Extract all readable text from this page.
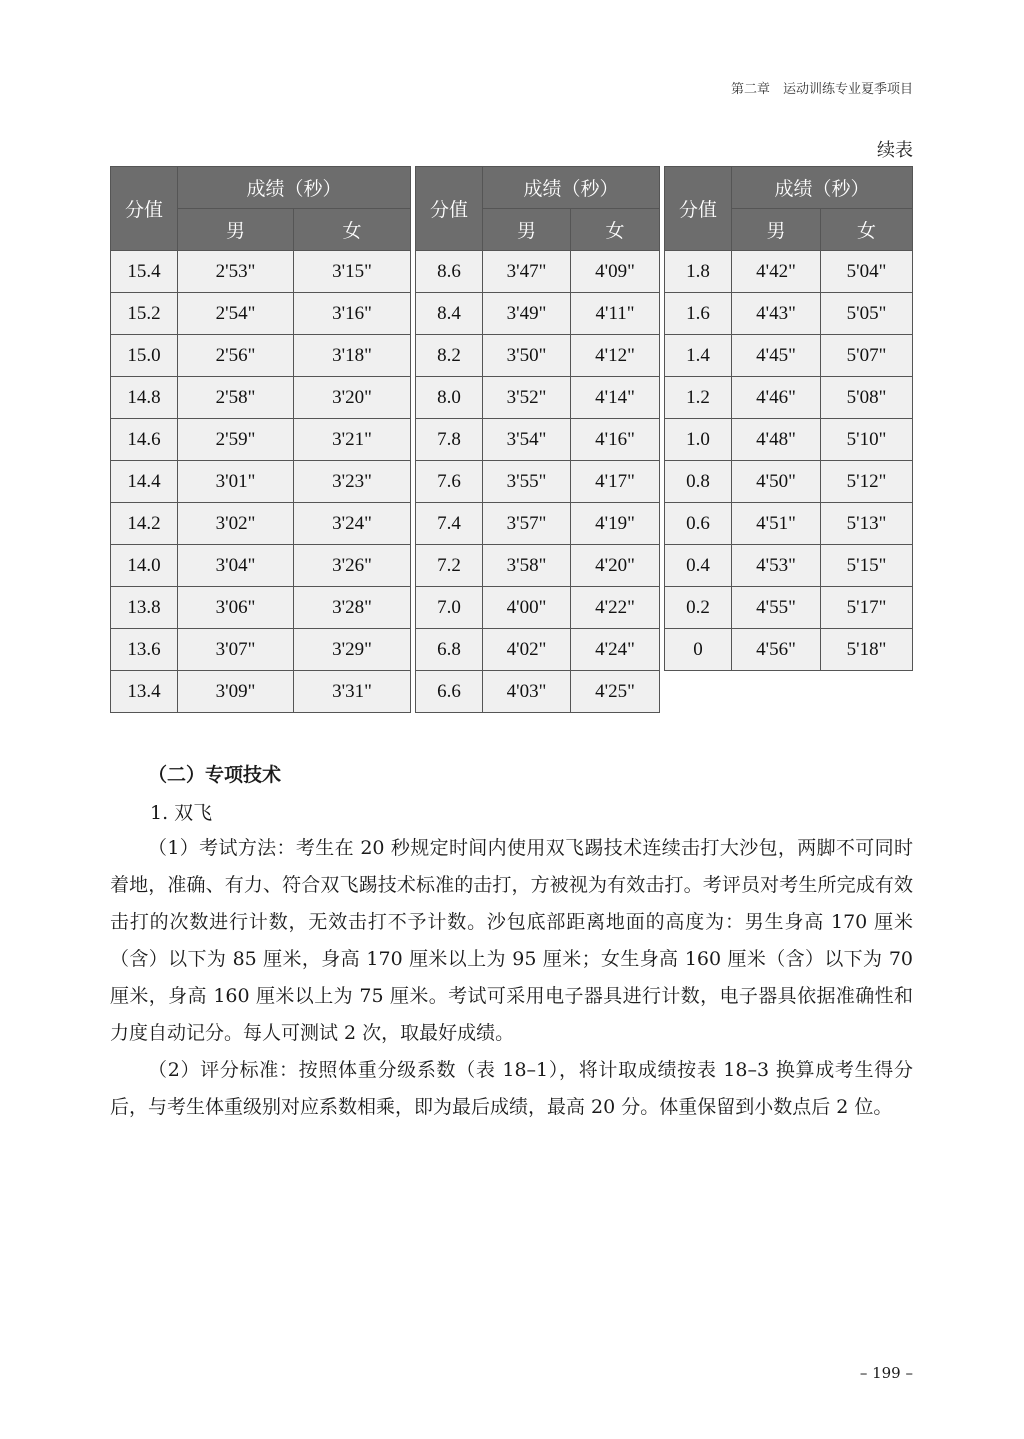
第二章　运动训练专业夏季项目
续表
分值	成绩（秒）	
	男	女
15.4	2'53"	3'15"
15.2	2'54"	3'16"
15.0	2'56"	3'18"
14.8	2'58"	3'20"
14.6	2'59"	3'21"
14.4	3'01"	3'23"
14.2	3'02"	3'24"
14.0	3'04"	3'26"
13.8	3'06"	3'28"
13.6	3'07"	3'29"
13.4	3'09"	3'31"
分值	成绩（秒）	
	男	女
8.6	3'47"	4'09"
8.4	3'49"	4'11"
8.2	3'50"	4'12"
8.0	3'52"	4'14"
7.8	3'54"	4'16"
7.6	3'55"	4'17"
7.4	3'57"	4'19"
7.2	3'58"	4'20"
7.0	4'00"	4'22"
6.8	4'02"	4'24"
6.6	4'03"	4'25"
分值	成绩（秒）	
	男	女
1.8	4'42"	5'04"
1.6	4'43"	5'05"
1.4	4'45"	5'07"
1.2	4'46"	5'08"
1.0	4'48"	5'10"
0.8	4'50"	5'12"
0.6	4'51"	5'13"
0.4	4'53"	5'15"
0.2	4'55"	5'17"
0	4'56"	5'18"
（二）专项技术
1. 双飞

（1）考试方法：考生在 20 秒规定时间内使用双飞踢技术连续击打大沙包，两脚不可同时着地，准确、有力、符合双飞踢技术标准的击打，方被视为有效击打。考评员对考生所完成有效击打的次数进行计数，无效击打不予计数。沙包底部距离地面的高度为：男生身高 170 厘米（含）以下为 85 厘米，身高 170 厘米以上为 95 厘米；女生身高 160 厘米（含）以下为 70 厘米，身高 160 厘米以上为 75 厘米。考试可采用电子器具进行计数，电子器具依据准确性和力度自动记分。每人可测试 2 次，取最好成绩。

（2）评分标准：按照体重分级系数（表 18–1），将计取成绩按表 18–3 换算成考生得分后，与考生体重级别对应系数相乘，即为最后成绩，最高 20 分。体重保留到小数点后 2 位。

– 199 –
